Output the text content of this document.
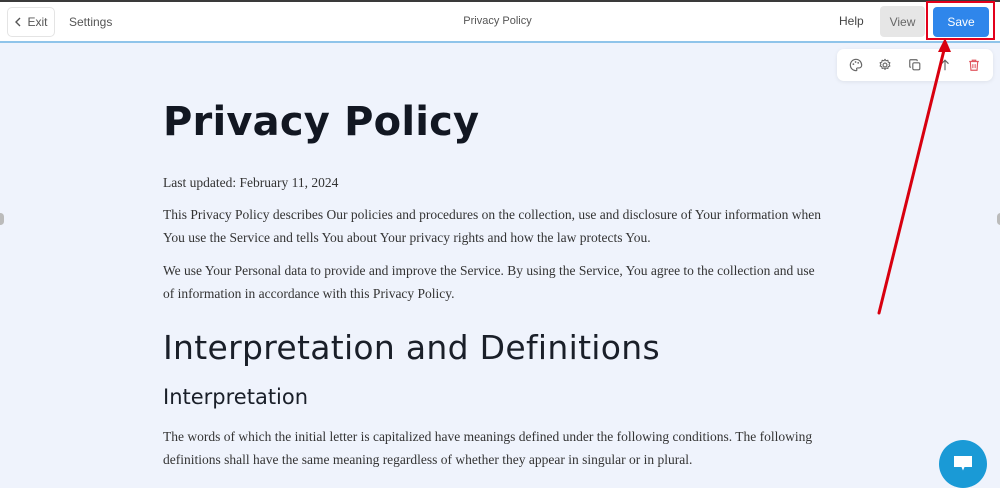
Exit Settings	Privacy Policy	Help	View	Save
Privacy Policy
Last updated: February 11, 2024
This Privacy Policy describes Our policies and procedures on the collection, use and disclosure of Your information when You use the Service and tells You about Your privacy rights and how the law protects You.
We use Your Personal data to provide and improve the Service. By using the Service, You agree to the collection and use of information in accordance with this Privacy Policy.
Interpretation and Definitions
Interpretation
The words of which the initial letter is capitalized have meanings defined under the following conditions. The following definitions shall have the same meaning regardless of whether they appear in singular or in plural.
